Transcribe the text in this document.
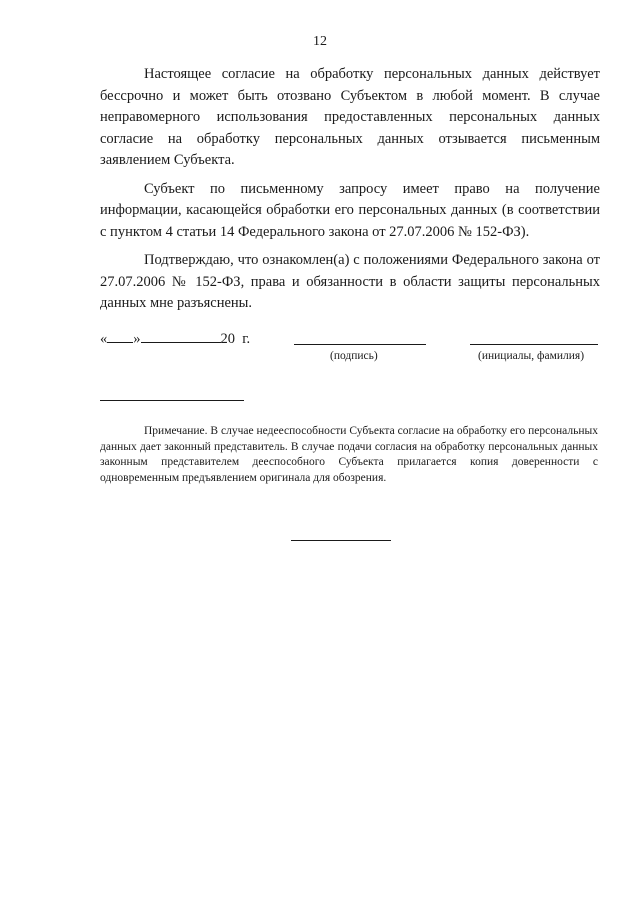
12

Настоящее согласие на обработку персональных данных действует бессрочно и может быть отозвано Субъектом в любой момент. В случае неправомерного использования предоставленных персональных данных согласие на обработку персональных данных отзывается письменным заявлением Субъекта.

Субъект по письменному запросу имеет право на получение информации, касающейся обработки его персональных данных (в соответствии с пунктом 4 статьи 14 Федерального закона от 27.07.2006 № 152-ФЗ).

Подтверждаю, что ознакомлен(а) с положениями Федерального закона от 27.07.2006 № 152-ФЗ, права и обязанности в области защиты персональных данных мне разъяснены.

« »	20 г.
(подпись)	(инициалы, фамилия)

Примечание. В случае недееспособности Субъекта согласие на обработку его персональных данных дает законный представитель. В случае подачи согласия на обработку персональных данных законным представителем дееспособного Субъекта прилагается копия доверенности с одновременным предъявлением оригинала для обозрения.
